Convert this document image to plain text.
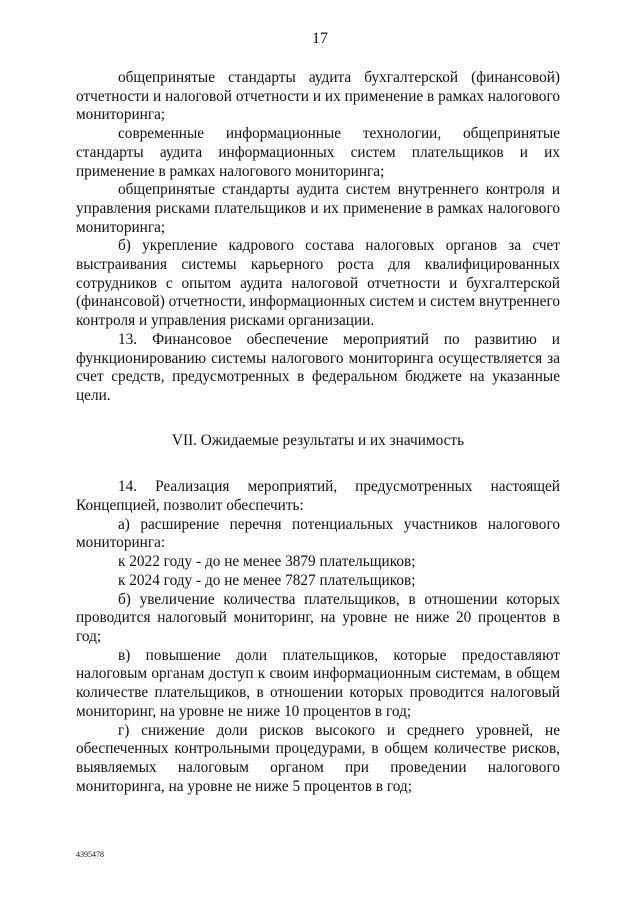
17

общепринятые стандарты аудита бухгалтерской (финансовой) отчетности и налоговой отчетности и их применение в рамках налогового мониторинга;

современные информационные технологии, общепринятые стандарты аудита информационных систем плательщиков и их применение в рамках налогового мониторинга;

общепринятые стандарты аудита систем внутреннего контроля и управления рисками плательщиков и их применение в рамках налогового мониторинга;

б) укрепление кадрового состава налоговых органов за счет выстраивания системы карьерного роста для квалифицированных сотрудников с опытом аудита налоговой отчетности и бухгалтерской (финансовой) отчетности, информационных систем и систем внутреннего контроля и управления рисками организации.

13. Финансовое обеспечение мероприятий по развитию и функционированию системы налогового мониторинга осуществляется за счет средств, предусмотренных в федеральном бюджете на указанные цели.

VII. Ожидаемые результаты и их значимость

14. Реализация мероприятий, предусмотренных настоящей Концепцией, позволит обеспечить:

а) расширение перечня потенциальных участников налогового мониторинга:

к 2022 году - до не менее 3879 плательщиков;

к 2024 году - до не менее 7827 плательщиков;

б) увеличение количества плательщиков, в отношении которых проводится налоговый мониторинг, на уровне не ниже 20 процентов в год;

в) повышение доли плательщиков, которые предоставляют налоговым органам доступ к своим информационным системам, в общем количестве плательщиков, в отношении которых проводится налоговый мониторинг, на уровне не ниже 10 процентов в год;

г) снижение доли рисков высокого и среднего уровней, не обеспеченных контрольными процедурами, в общем количестве рисков, выявляемых налоговым органом при проведении налогового мониторинга, на уровне не ниже 5 процентов в год;

4395478
